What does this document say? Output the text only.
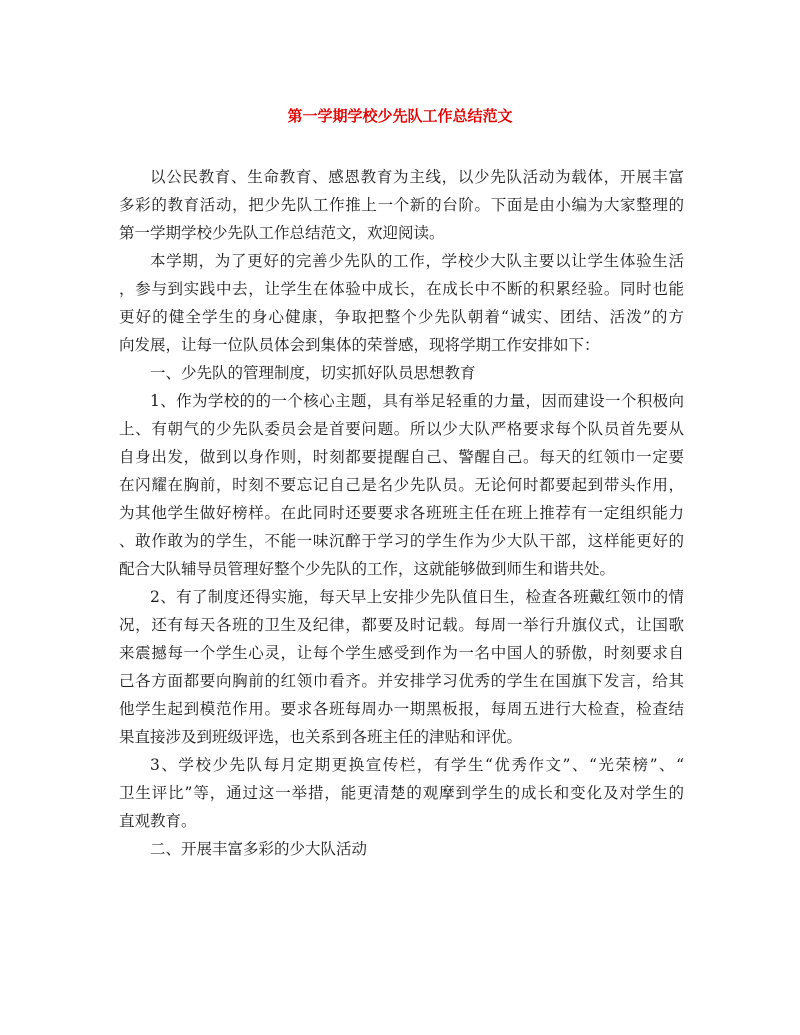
第一学期学校少先队工作总结范文
以公民教育、生命教育、感恩教育为主线，以少先队活动为载体，开展丰富
多彩的教育活动，把少先队工作推上一个新的台阶。下面是由小编为大家整理的
第一学期学校少先队工作总结范文，欢迎阅读。
本学期，为了更好的完善少先队的工作，学校少大队主要以让学生体验生活
，参与到实践中去，让学生在体验中成长，在成长中不断的积累经验。同时也能
更好的健全学生的身心健康，争取把整个少先队朝着“诚实、团结、活泼”的方
向发展，让每一位队员体会到集体的荣誉感，现将学期工作安排如下：
一、少先队的管理制度，切实抓好队员思想教育
1、作为学校的的一个核心主题，具有举足轻重的力量，因而建设一个积极向
上、有朝气的少先队委员会是首要问题。所以少大队严格要求每个队员首先要从
自身出发，做到以身作则，时刻都要提醒自己、警醒自己。每天的红领巾一定要
在闪耀在胸前，时刻不要忘记自己是名少先队员。无论何时都要起到带头作用，
为其他学生做好榜样。在此同时还要要求各班班主任在班上推荐有一定组织能力
、敢作敢为的学生，不能一味沉醉于学习的学生作为少大队干部，这样能更好的
配合大队辅导员管理好整个少先队的工作，这就能够做到师生和谐共处。
2、有了制度还得实施，每天早上安排少先队值日生，检查各班戴红领巾的情
况，还有每天各班的卫生及纪律，都要及时记载。每周一举行升旗仪式，让国歌
来震撼每一个学生心灵，让每个学生感受到作为一名中国人的骄傲，时刻要求自
己各方面都要向胸前的红领巾看齐。并安排学习优秀的学生在国旗下发言，给其
他学生起到模范作用。要求各班每周办一期黑板报，每周五进行大检查，检查结
果直接涉及到班级评选，也关系到各班主任的津贴和评优。
3、学校少先队每月定期更换宣传栏，有学生“优秀作文”、“光荣榜”、“
卫生评比”等，通过这一举措，能更清楚的观摩到学生的成长和变化及对学生的
直观教育。
二、开展丰富多彩的少大队活动
